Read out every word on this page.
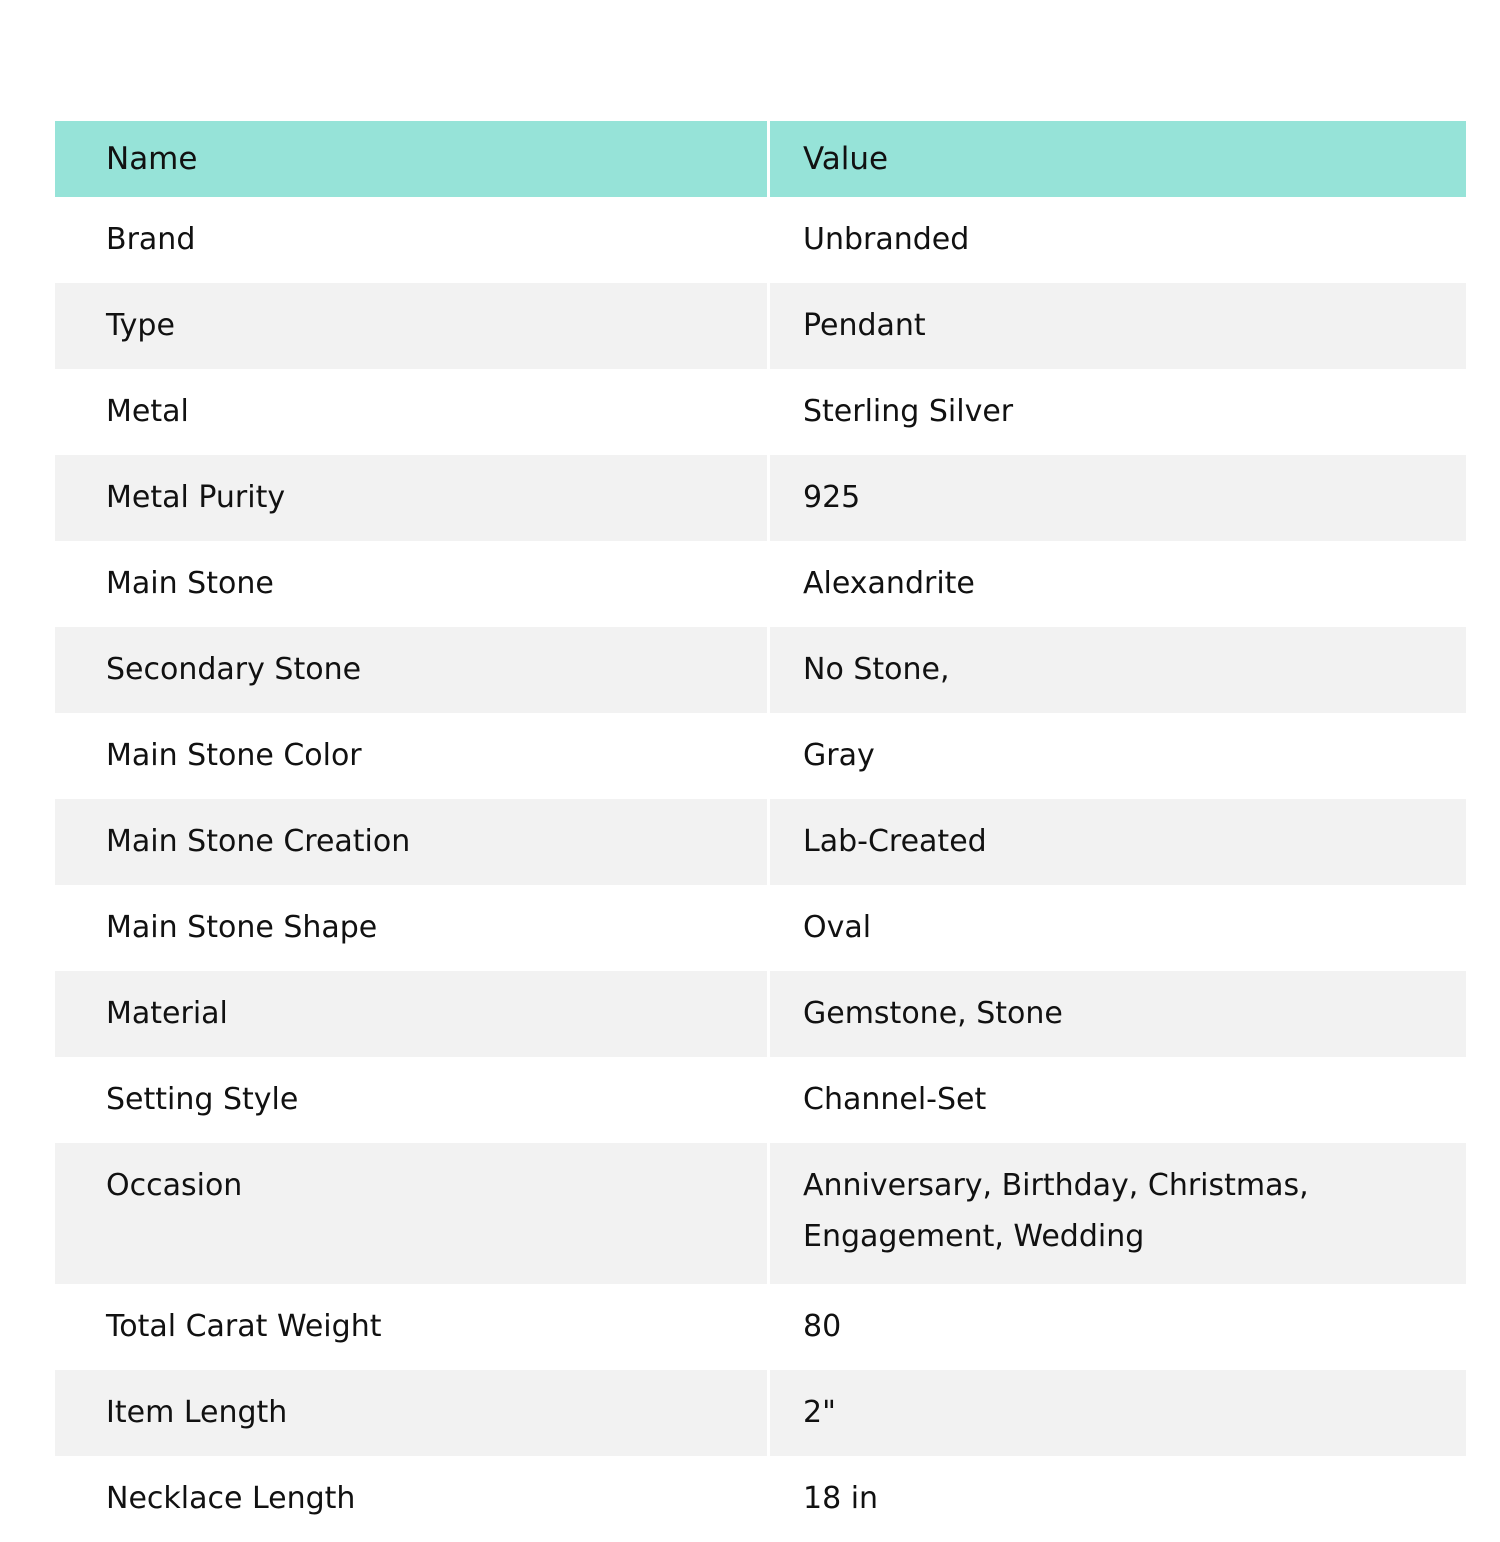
Name	Value
Brand	Unbranded
Type	Pendant
Metal	Sterling Silver
Metal Purity	925
Main Stone	Alexandrite
Secondary Stone	No Stone,
Main Stone Color	Gray
Main Stone Creation	Lab-Created
Main Stone Shape	Oval
Material	Gemstone, Stone
Setting Style	Channel-Set
Occasion	Anniversary, Birthday, Christmas, Engagement, Wedding
Total Carat Weight	80
Item Length	2"
Necklace Length	18 in
